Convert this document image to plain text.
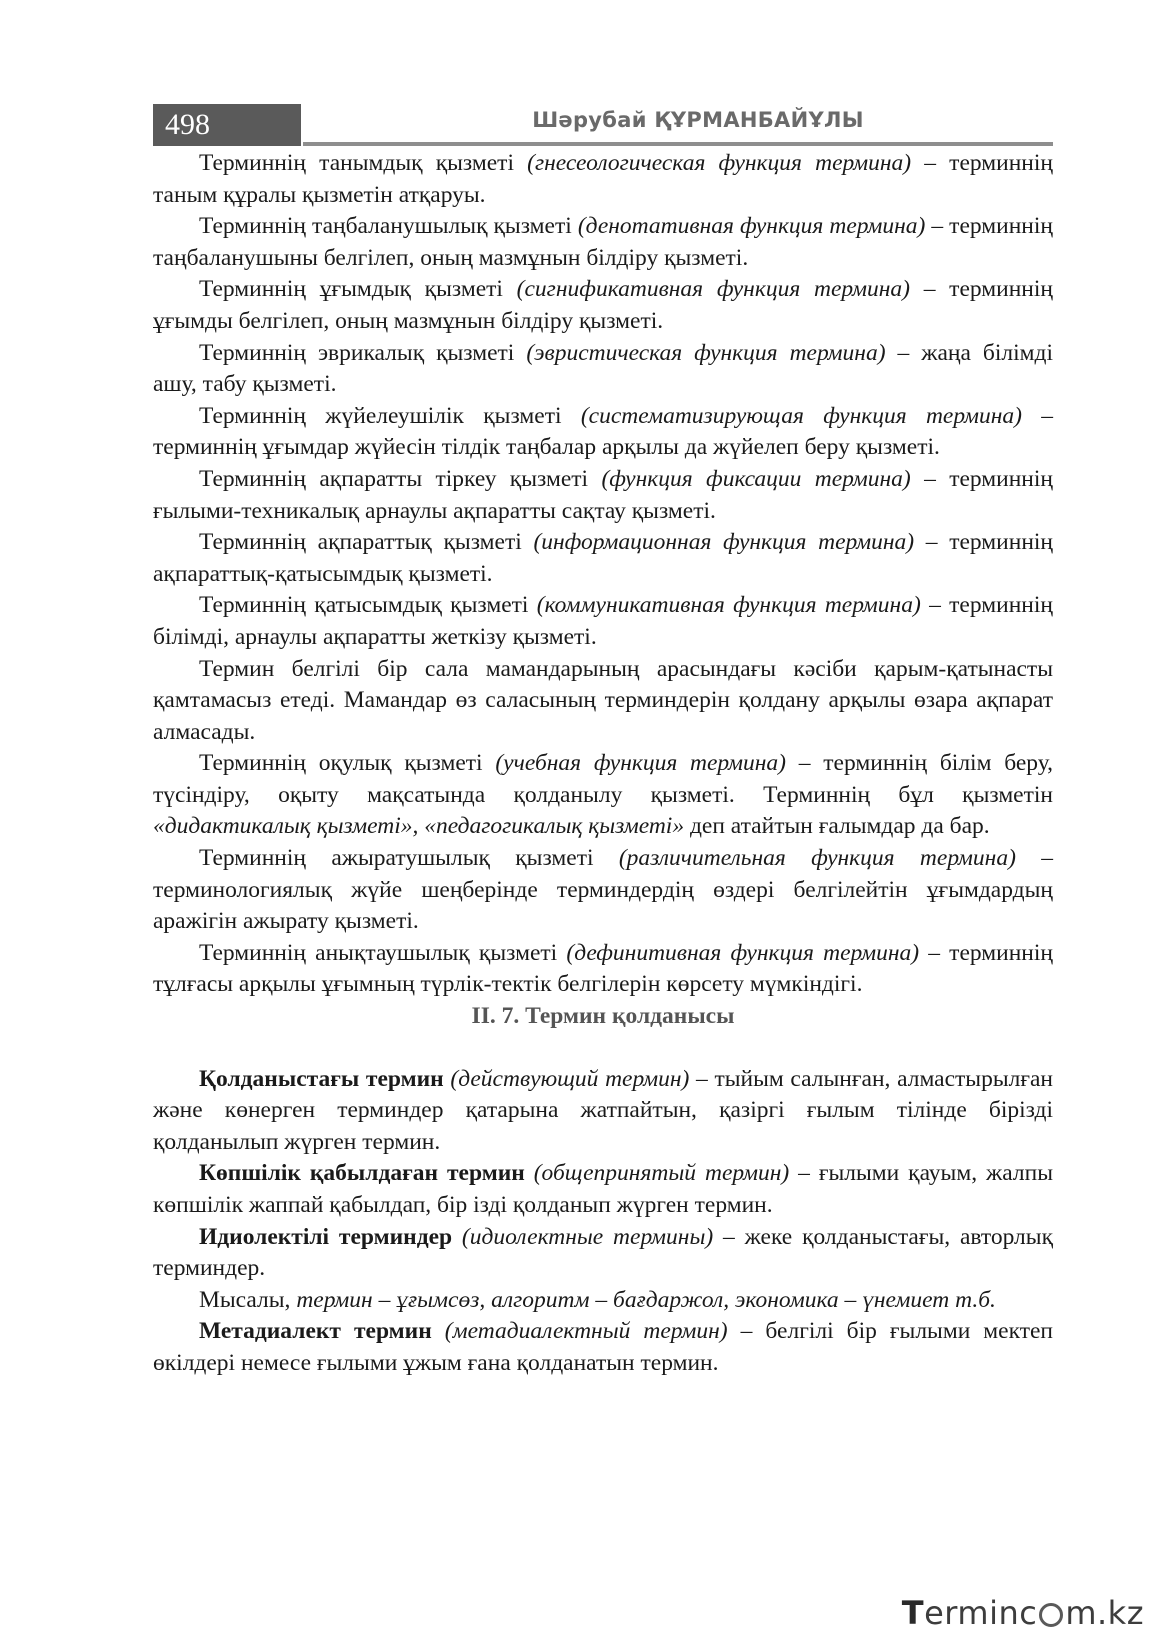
498	Шәрубай ҚҰРМАНБАЙҰЛЫ

Терминнің танымдық қызметі (гнесеологическая функция термина) – терминнің таным құралы қызметін атқаруы.

Терминнің таңбаланушылық қызметі (денотативная функция термина) – терминнің таңбаланушыны белгілеп, оның мазмұнын білдіру қызметі.

Терминнің ұғымдық қызметі (сигнификативная функция термина) – терминнің ұғымды белгілеп, оның мазмұнын білдіру қызметі.

Терминнің эврикалық қызметі (эвристическая функция термина) – жаңа білімді ашу, табу қызметі.

Терминнің жүйелеушілік қызметі (систематизирующая функция термина) – терминнің ұғымдар жүйесін тілдік таңбалар арқылы да жүйелеп беру қызметі.

Терминнің ақпаратты тіркеу қызметі (функция фиксации термина) – терминнің ғылыми-техникалық арнаулы ақпаратты сақтау қызметі.

Терминнің ақпараттық қызметі (информационная функция термина) – терминнің ақпараттық-қатысымдық қызметі.

Терминнің қатысымдық қызметі (коммуникативная функция термина) – терминнің білімді, арнаулы ақпаратты жеткізу қызметі.

Термин белгілі бір сала мамандарының арасындағы кәсіби қарым-қатынасты қамтамасыз етеді. Мамандар өз саласының терминдерін қолдану арқылы өзара ақпарат алмасады.

Терминнің оқулық қызметі (учебная функция термина) – терминнің білім беру, түсіндіру, оқыту мақсатында қолданылу қызметі. Терминнің бұл қызметін «дидактикалық қызметі», «педагогикалық қызметі» деп атайтын ғалымдар да бар.

Терминнің ажыратушылық қызметі (различительная функция термина) – терминологиялық жүйе шеңберінде терминдердің өздері белгілейтін ұғымдардың аражігін ажырату қызметі.

Терминнің анықтаушылық қызметі (дефинитивная функция термина) – терминнің тұлғасы арқылы ұғымның түрлік-тектік белгілерін көрсету мүмкіндігі.

ІІ. 7. Термин қолданысы

Қолданыстағы термин (действующий термин) – тыйым салынған, алмастырылған және көнерген терминдер қатарына жатпайтын, қазіргі ғылым тілінде бірізді қолданылып жүрген термин.

Көпшілік қабылдаған термин (общепринятый термин) – ғылыми қауым, жалпы көпшілік жаппай қабылдап, бір ізді қолданып жүрген термин.

Идиолектілі терминдер (идиолектные термины) – жеке қолданыстағы, авторлық терминдер.

Мысалы, термин – ұғымсөз, алгоритм – бағдаржол, экономика – үнемиет т.б.

Метадиалект термин (метадиалектный термин) – белгілі бір ғылыми мектеп өкілдері немесе ғылыми ұжым ғана қолданатын термин.

T erminc m.kz
